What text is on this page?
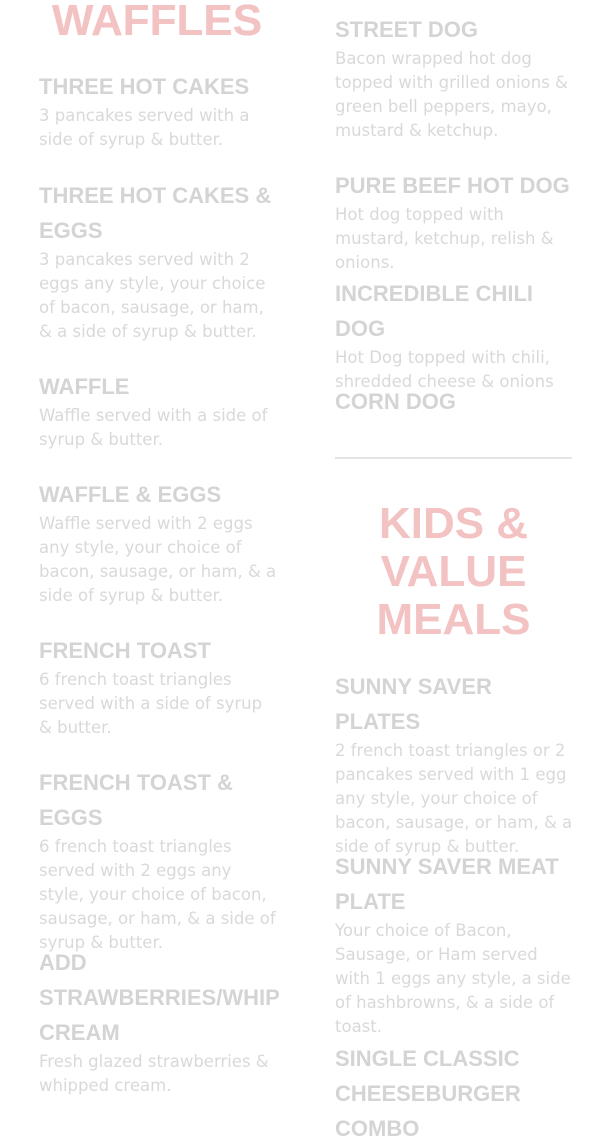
WAFFLES
THREE HOT CAKES

3 pancakes served with a side of syrup & butter.

THREE HOT CAKES & EGGS

3 pancakes served with 2 eggs any style, your choice of bacon, sausage, or ham, & a side of syrup & butter.

WAFFLE

Waffle served with a side of syrup & butter.

WAFFLE & EGGS

Waffle served with 2 eggs any style, your choice of bacon, sausage, or ham, & a side of syrup & butter.

FRENCH TOAST

6 french toast triangles served with a side of syrup & butter.

FRENCH TOAST & EGGS

6 french toast triangles served with 2 eggs any style, your choice of bacon, sausage, or ham, & a side of syrup & butter.

ADD STRAWBERRIES/WHIP CREAM

Fresh glazed strawberries & whipped cream.

STREET DOG

Bacon wrapped hot dog topped with grilled onions & green bell peppers, mayo, mustard & ketchup.

PURE BEEF HOT DOG

Hot dog topped with mustard, ketchup, relish & onions.

INCREDIBLE CHILI DOG

Hot Dog topped with chili, shredded cheese & onions

CORN DOG
KIDS & VALUE MEALS
SUNNY SAVER PLATES

2 french toast triangles or 2 pancakes served with 1 egg any style, your choice of bacon, sausage, or ham, & a side of syrup & butter.

SUNNY SAVER MEAT PLATE

Your choice of Bacon, Sausage, or Ham served with 1 eggs any style, a side of hashbrowns, & a side of toast.

SINGLE CLASSIC CHEESEBURGER COMBO
